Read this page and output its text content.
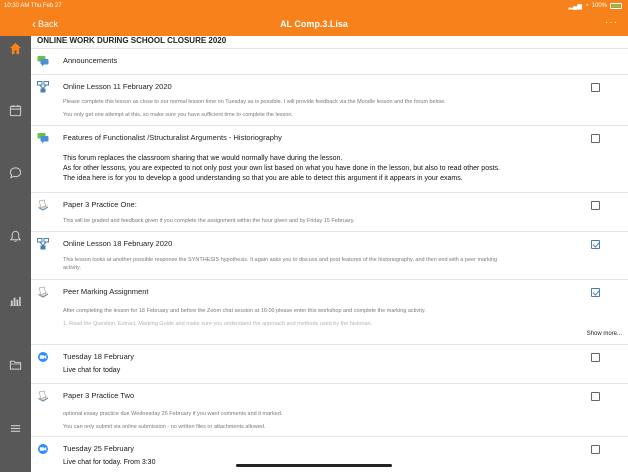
10:30 AM Thu Feb 27	▂▄▆ ◔ 100%
‹ Back	AL Comp.3.Lisa	···
ONLINE WORK DURING SCHOOL CLOSURE 2020
Announcements
Online Lesson 11 February 2020
Please complete this lesson as close to our normal lesson time on Tuesday as is possible. I will provide feedback via the Moodle lesson and the forum below.
You only get one attempt at this, so make sure you have sufficient time to complete the lesson.
Features of Functionalist /Structuralist Arguments - Historiography
This forum replaces the classroom sharing that we would normally have during the lesson.
As for other lessons, you are expected to not only post your own list based on what you have done in the lesson, but also to read other posts.
The idea here is for you to develop a good understanding so that you are able to detect this argument if it appears in your exams.
Paper 3 Practice One:
This will be graded and feedback given if you complete the assignment within the hour given and by Friday 15 February.
Online Lesson 18 February 2020
This lesson looks at another possible response the SYNTHESIS hypothesis. It again asks you to discuss and post features of the historiography, and then end with a peer marking
activity.
Peer Marking Assignment
After completing the lesson for 18 February and before the Zoom chat session at 16:00 please enter this workshop and complete the marking activity.
1. Read the Question, Extract, Marking Guide and make sure you understand the approach and methods used by the historian.
Show more...
Tuesday 18 February
Live chat for today
Paper 3 Practice Two
optional essay practice due Wednesday 26 February if you want comments and it marked.
You can only submit via online submission - no written files or attachments allowed.
Tuesday 25 February
Live chat for today. From 3:30
